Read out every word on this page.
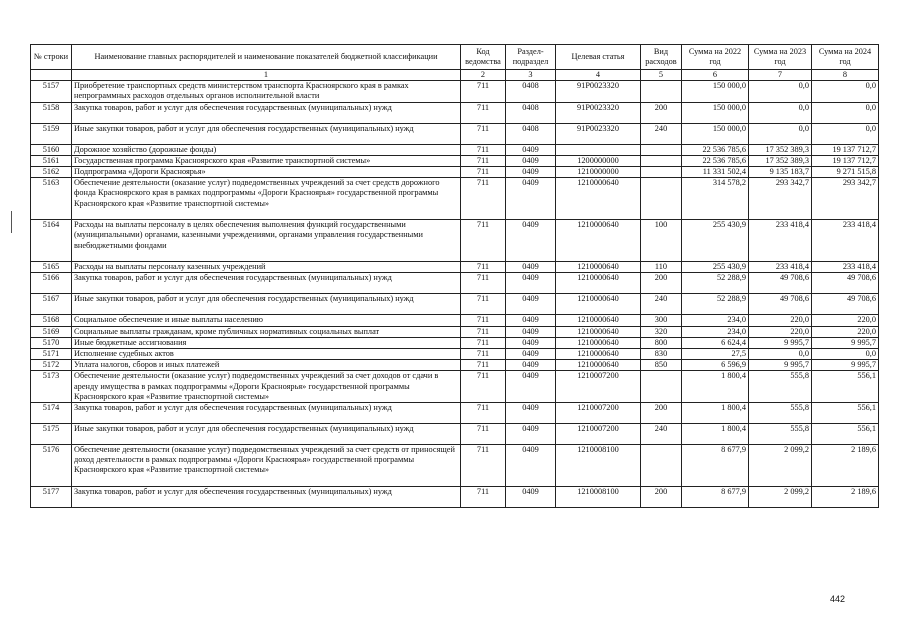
№ строки	Наименование главных распорядителей и наименование показателей бюджетной классификации	Код ведомства	Раздел-подраздел	Целевая статья	Вид расходов	Сумма на 2022 год	Сумма на 2023 год	Сумма на 2024 год
	1	2	3	4	5	6	7	8
5157	Приобретение транспортных средств министерством транспорта Красноярского края в рамках непрограммных расходов отдельных органов исполнительной власти	711	0408	91Р0023320		150 000,0	0,0	0,0
5158	Закупка товаров, работ и услуг для обеспечения государственных (муниципальных) нужд	711	0408	91Р0023320	200	150 000,0	0,0	0,0
5159	Иные закупки товаров, работ и услуг для обеспечения государственных (муниципальных) нужд	711	0408	91Р0023320	240	150 000,0	0,0	0,0
5160	Дорожное хозяйство (дорожные фонды)	711	0409			22 536 785,6	17 352 389,3	19 137 712,7
5161	Государственная программа Красноярского края «Развитие транспортной системы»	711	0409	1200000000		22 536 785,6	17 352 389,3	19 137 712,7
5162	Подпрограмма «Дороги Красноярья»	711	0409	1210000000		11 331 502,4	9 135 183,7	9 271 515,8
5163	Обеспечение деятельности (оказание услуг) подведомственных учреждений за счет средств дорожного фонда Красноярского края в рамках подпрограммы «Дороги Красноярья» государственной программы Красноярского края «Развитие транспортной системы»	711	0409	1210000640		314 578,2	293 342,7	293 342,7
5164	Расходы на выплаты персоналу в целях обеспечения выполнения функций государственными (муниципальными) органами, казенными учреждениями, органами управления государственными внебюджетными фондами	711	0409	1210000640	100	255 430,9	233 418,4	233 418,4
5165	Расходы на выплаты персоналу казенных учреждений	711	0409	1210000640	110	255 430,9	233 418,4	233 418,4
5166	Закупка товаров, работ и услуг для обеспечения государственных (муниципальных) нужд	711	0409	1210000640	200	52 288,9	49 708,6	49 708,6
5167	Иные закупки товаров, работ и услуг для обеспечения государственных (муниципальных) нужд	711	0409	1210000640	240	52 288,9	49 708,6	49 708,6
5168	Социальное обеспечение и иные выплаты населению	711	0409	1210000640	300	234,0	220,0	220,0
5169	Социальные выплаты гражданам, кроме публичных нормативных социальных выплат	711	0409	1210000640	320	234,0	220,0	220,0
5170	Иные бюджетные ассигнования	711	0409	1210000640	800	6 624,4	9 995,7	9 995,7
5171	Исполнение судебных актов	711	0409	1210000640	830	27,5	0,0	0,0
5172	Уплата налогов, сборов и иных платежей	711	0409	1210000640	850	6 596,9	9 995,7	9 995,7
5173	Обеспечение деятельности (оказание услуг) подведомственных учреждений за счет доходов от сдачи в аренду имущества в рамках подпрограммы «Дороги Красноярья» государственной программы Красноярского края «Развитие транспортной системы»	711	0409	1210007200		1 800,4	555,8	556,1
5174	Закупка товаров, работ и услуг для обеспечения государственных (муниципальных) нужд	711	0409	1210007200	200	1 800,4	555,8	556,1
5175	Иные закупки товаров, работ и услуг для обеспечения государственных (муниципальных) нужд	711	0409	1210007200	240	1 800,4	555,8	556,1
5176	Обеспечение деятельности (оказание услуг) подведомственных учреждений за счет средств от приносящей доход деятельности в рамках подпрограммы «Дороги Красноярья» государственной программы Красноярского края «Развитие транспортной системы»	711	0409	1210008100		8 677,9	2 099,2	2 189,6
5177	Закупка товаров, работ и услуг для обеспечения государственных (муниципальных) нужд	711	0409	1210008100	200	8 677,9	2 099,2	2 189,6
442
